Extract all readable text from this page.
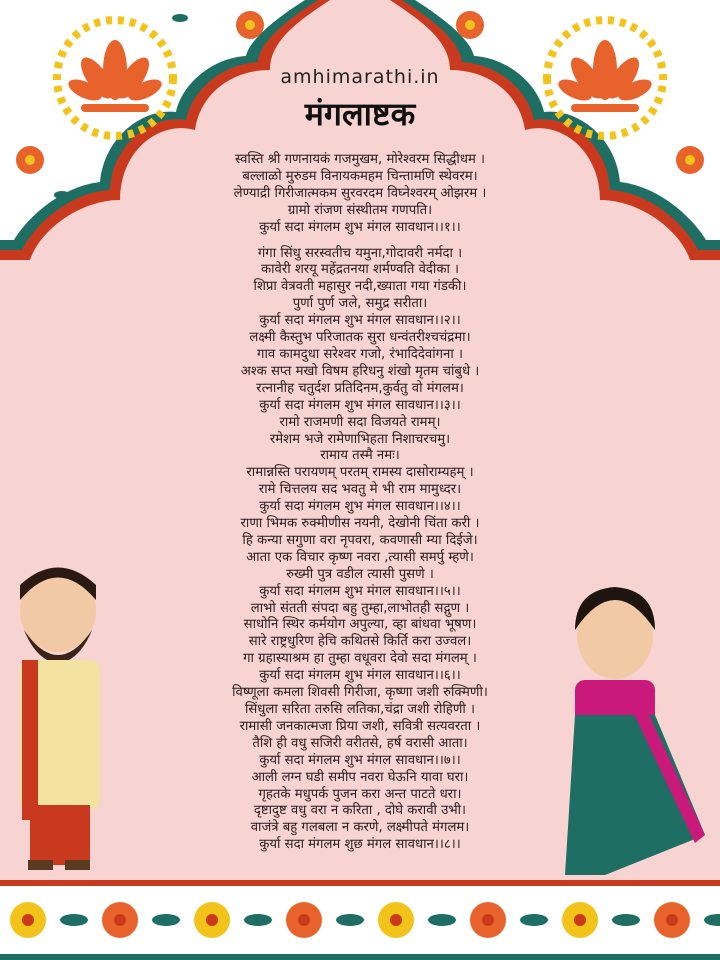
amhimarathi.in
मंगलाष्टक
स्वस्ति श्री गणनायकं गजमुखम, मोरेश्वरम सिद्धीधम ।
बल्लाळो मुरुडम विनायकमहम चिन्तामणि स्थेवरम।
लेण्याद्री गिरीजात्मकम सुरवरदम विघ्नेश्वरम् ओझरम ।
ग्रामो रांजण संस्थीतम गणपति।
कुर्या सदा मंगलम शुभ मंगल सावधान।।१।।
गंगा सिंधु सरस्वतीच यमुना,गोदावरी नर्मदा ।
कावेरी शरयू महेंद्रतनया शर्मण्वति वेदीका ।
शिप्रा वेत्रवती महासुर नदी,ख्याता गया गंडकी।
पुर्णा पुर्ण जले, समुद्र सरीता।
कुर्या सदा मंगलम शुभ मंगल सावधान।।२।।
लक्ष्मी कैस्तुभ परिजातक सुरा धन्वंतरीश्चचंद्रमा।
गाव कामदुधा सरेश्वर गजो, रंभादिदेवांगना ।
अश्क सप्त मखो विषम हरिधनु शंखो मृतम चांबुधे ।
रत्नानीह चतुर्दश प्रतिदिनम,कुर्वतु वो मंगलम।
कुर्या सदा मंगलम शुभ मंगल सावधान।।३।।
रामो राजमणी सदा विजयते रामम्।
रमेशम भजे रामेणाभिहता निशाचरचमु।
रामाय तस्मै नमः।
रामान्नस्ति परायणम् परतम् रामस्य दासोराम्यहम् ।
रामे चित्तलय सद भवतु मे भी राम मामुध्दर।
कुर्या सदा मंगलम शुभ मंगल सावधान।।४।।
राणा भिमक रुक्मीणीस नयनी, देखोनी चिंता करी ।
हि कन्या सगुणा वरा नृपवरा, कवणासी म्या दिईजे।
आता एक विचार कृष्ण नवरा ,त्यासी समर्पु म्हणे।
रुख्मी पुत्र वडील त्यासी पुसणे ।
कुर्या सदा मंगलम शुभ मंगल सावधान।।५।।
लाभो संतती संपदा बहु तुम्हा,लाभोतही सद्गुण ।
साधोनि स्थिर कर्मयोग अपुल्या, व्हा बांधवा भूषण।
सारे राष्ट्रधुरिण हेचि कथितसे किर्ति करा उज्वल।
गा ग्रहास्याश्रम हा तुम्हा वधूवरा देवो सदा मंगलम् ।
कुर्या सदा मंगलम शुभ मंगल सावधान।।६।।
विष्णूला कमला शिवसी गिरीजा, कृष्णा जशी रुक्मिणी।
सिंधुला सरिता तरुसि लतिका,चंद्रा जशी रोहिणी ।
रामासी जनकात्मजा प्रिया जशी, सवित्री सत्यवरता ।
तैशि ही वधु सजिरी वरीतसे, हर्ष वरासी आता।
कुर्या सदा मंगलम शुभ मंगल सावधान।।७।।
आली लग्न घडी समीप नवरा घेऊनि यावा घरा।
गृहतके मधुपर्क पुजन करा अन्त पाटते धरा।
दृष्टादुष्ट वधु वरा न करिता , दोघे करावी उभी।
वाजंत्रे बहु गलबला न करणे, लक्ष्मीपते मंगलम।
कुर्या सदा मंगलम शुछ मंगल सावधान।।८।।
